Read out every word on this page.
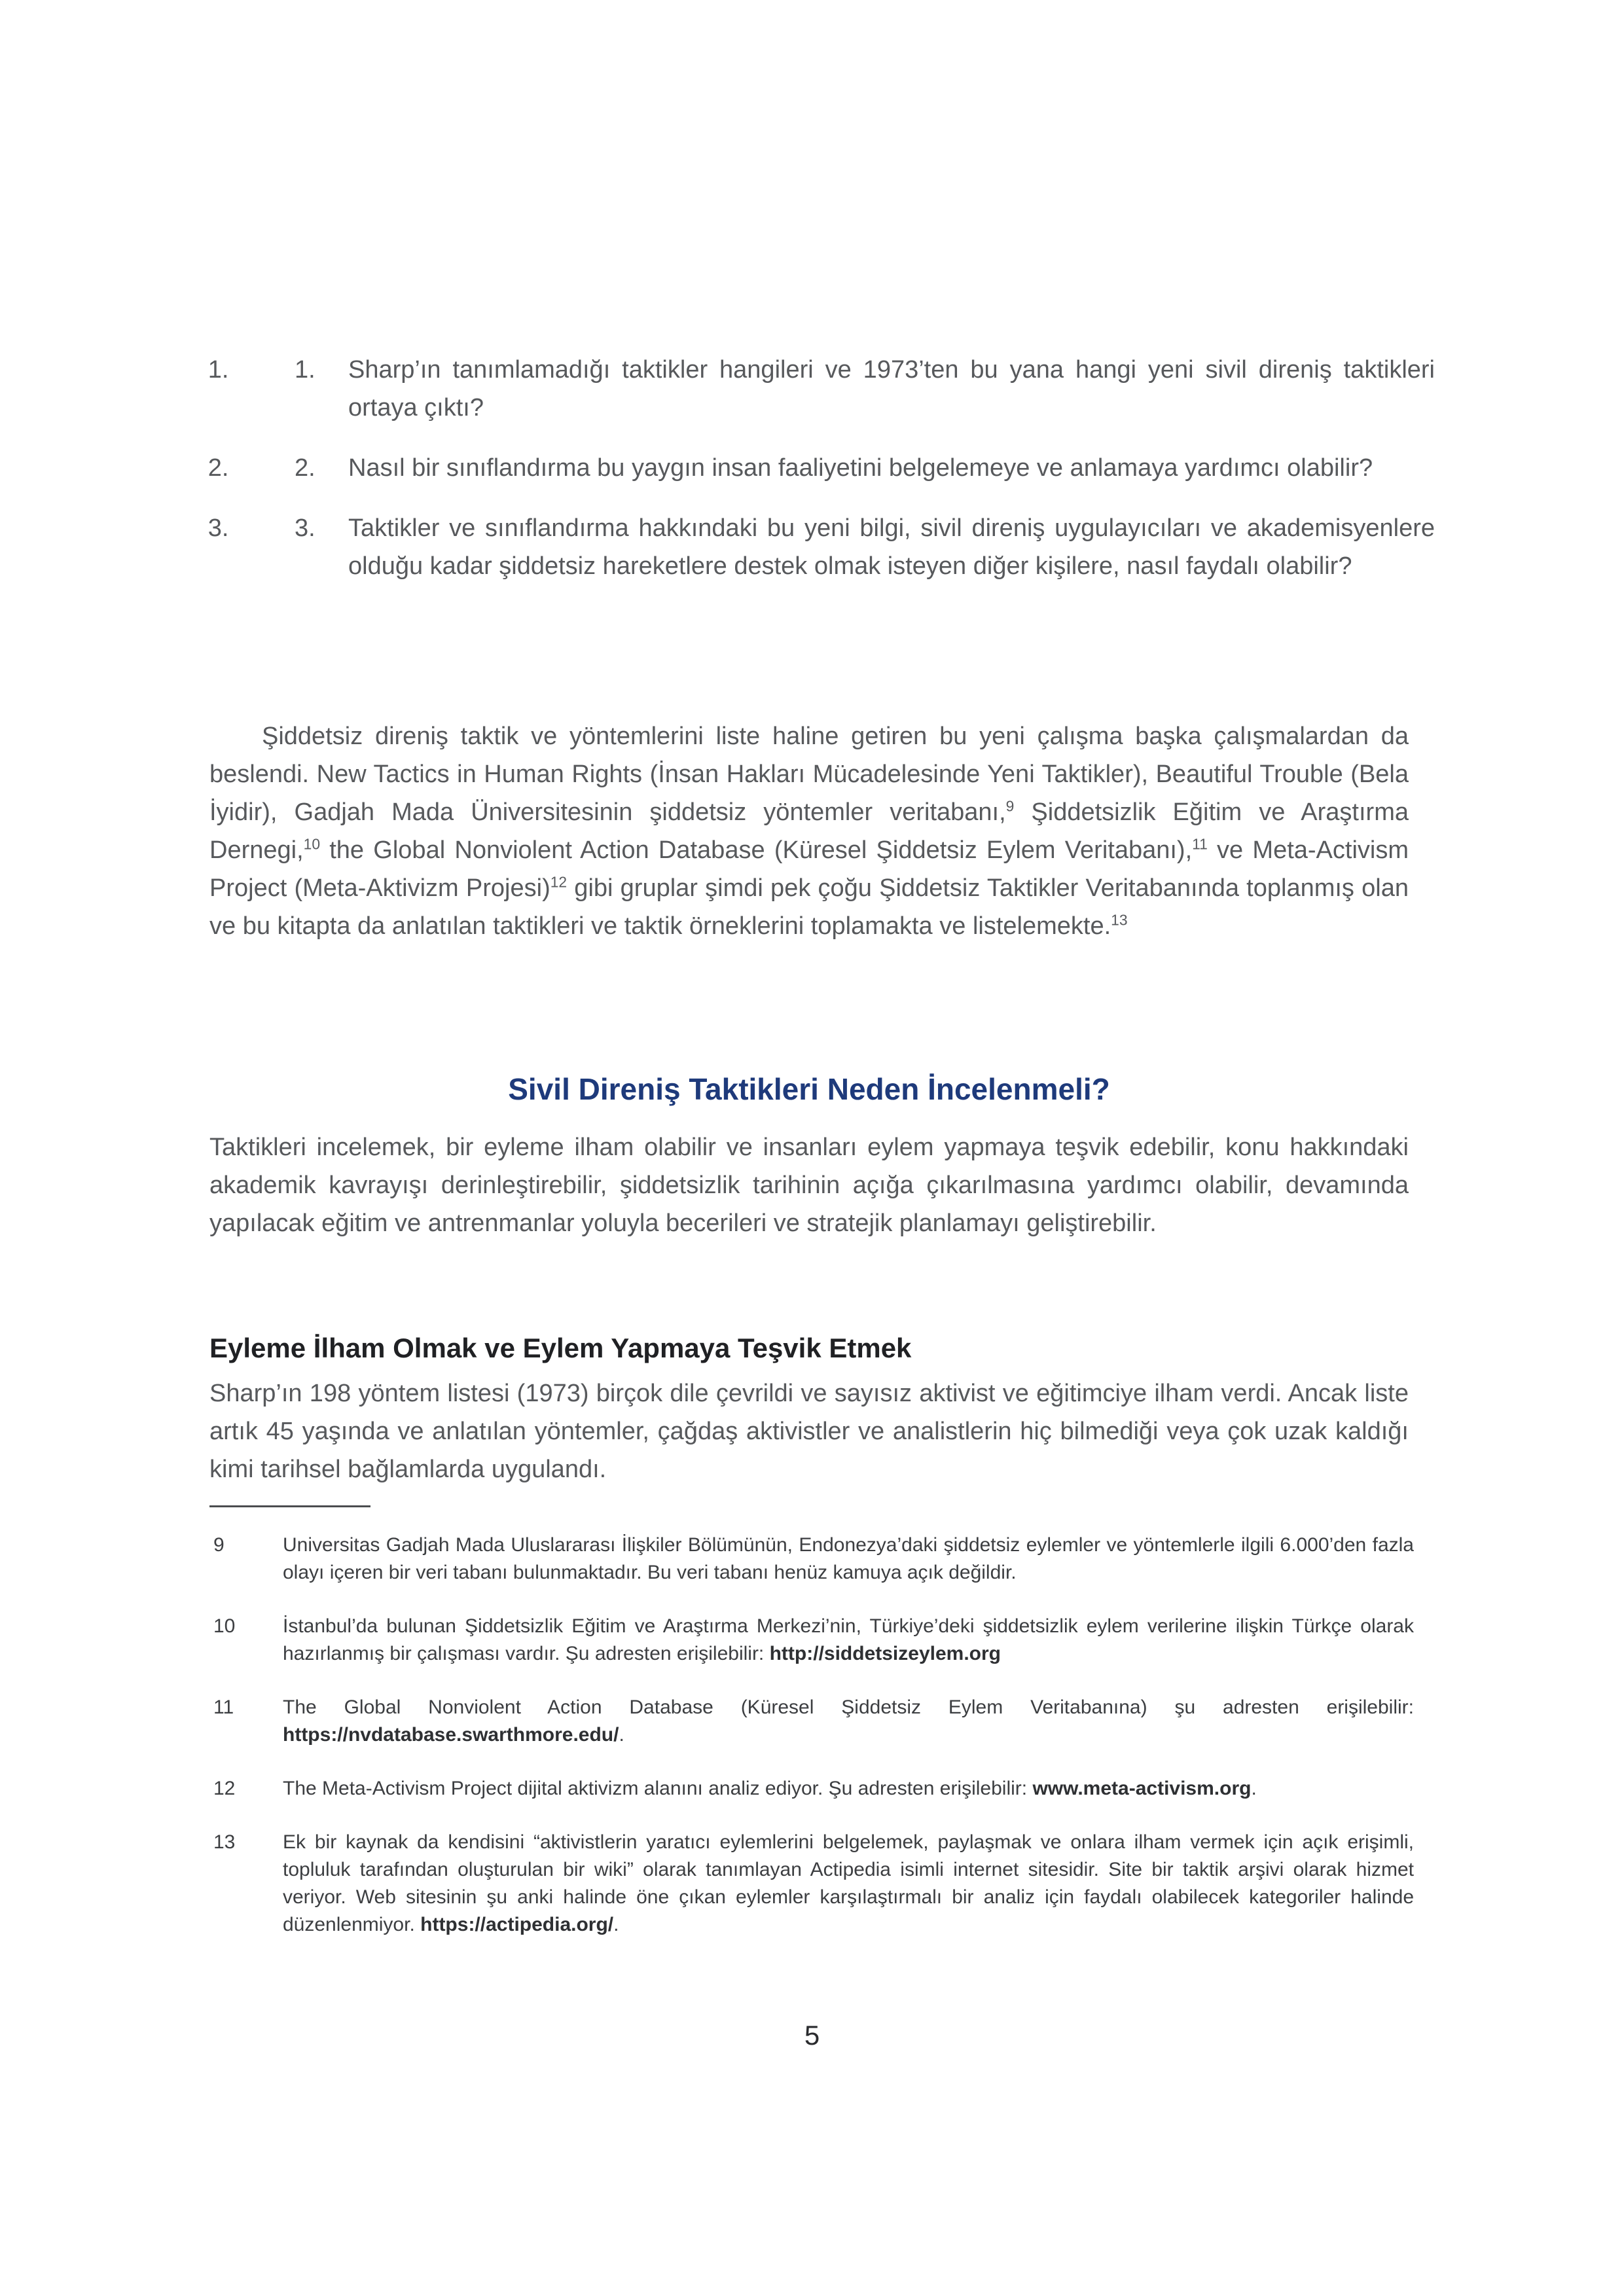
1. 1. Sharp’ın tanımlamadığı taktikler hangileri ve 1973’ten bu yana hangi yeni sivil direniş taktikleri ortaya çıktı?
2. 2. Nasıl bir sınıflandırma bu yaygın insan faaliyetini belgelemeye ve anlamaya yardımcı olabilir?
3. 3. Taktikler ve sınıflandırma hakkındaki bu yeni bilgi, sivil direniş uygulayıcıları ve akademisyenlere olduğu kadar şiddetsiz hareketlere destek olmak isteyen diğer kişilere, nasıl faydalı olabilir?

Şiddetsiz direniş taktik ve yöntemlerini liste haline getiren bu yeni çalışma başka çalışmalardan da beslendi. New Tactics in Human Rights (İnsan Hakları Mücadelesinde Yeni Taktikler), Beautiful Trouble (Bela İyidir), Gadjah Mada Üniversitesinin şiddetsiz yöntemler veritabanı,$^9$ Şiddetsizlik Eğitim ve Araştırma Dernegi,$^{10}$ the Global Nonviolent Action Database (Küresel Şiddetsiz Eylem Veritabanı),$^{11}$ ve Meta-Activism Project (Meta-Aktivizm Projesi)$^{12}$ gibi gruplar şimdi pek çoğu Şiddetsiz Taktikler Veritabanında toplanmış olan ve bu kitapta da anlatılan taktikleri ve taktik örneklerini toplamakta ve listelemekte.$^{13}$

Sivil Direniş Taktikleri Neden İncelenmeli?

Taktikleri incelemek, bir eyleme ilham olabilir ve insanları eylem yapmaya teşvik edebilir, konu hakkındaki akademik kavrayışı derinleştirebilir, şiddetsizlik tarihinin açığa çıkarılmasına yardımcı olabilir, devamında yapılacak eğitim ve antrenmanlar yoluyla becerileri ve stratejik planlamayı geliştirebilir.

Eyleme İlham Olmak ve Eylem Yapmaya Teşvik Etmek

Sharp’ın 198 yöntem listesi (1973) birçok dile çevrildi ve sayısız aktivist ve eğitimciye ilham verdi. Ancak liste artık 45 yaşında ve anlatılan yöntemler, çağdaş aktivistler ve analistlerin hiç bilmediği veya çok uzak kaldığı kimi tarihsel bağlamlarda uygulandı.

9	Universitas Gadjah Mada Uluslararası İlişkiler Bölümünün, Endonezya’daki şiddetsiz eylemler ve yöntemlerle ilgili 6.000’den fazla olayı içeren bir veri tabanı bulunmaktadır. Bu veri tabanı henüz kamuya açık değildir.
10 İstanbul’da bulunan Şiddetsizlik Eğitim ve Araştırma Merkezi’nin, Türkiye’deki şiddetsizlik eylem verilerine ilişkin Türkçe olarak hazırlanmış bir çalışması vardır. Şu adresten erişilebilir: http://siddetsizeylem.org
11 The Global Nonviolent Action Database (Küresel Şiddetsiz Eylem Veritabanına) şu adresten erişilebilir: https://nvdatabase.swarthmore.edu/.
12 The Meta-Activism Project dijital aktivizm alanını analiz ediyor. Şu adresten erişilebilir: www.meta-activism.org.
13 Ek bir kaynak da kendisini “aktivistlerin yaratıcı eylemlerini belgelemek, paylaşmak ve onlara ilham vermek için açık erişimli, topluluk tarafından oluşturulan bir wiki” olarak tanımlayan Actipedia isimli internet sitesidir. Site bir taktik arşivi olarak hizmet veriyor. Web sitesinin şu anki halinde öne çıkan eylemler karşılaştırmalı bir analiz için faydalı olabilecek kategoriler halinde düzenlenmiyor. https://actipedia.org/.
5
